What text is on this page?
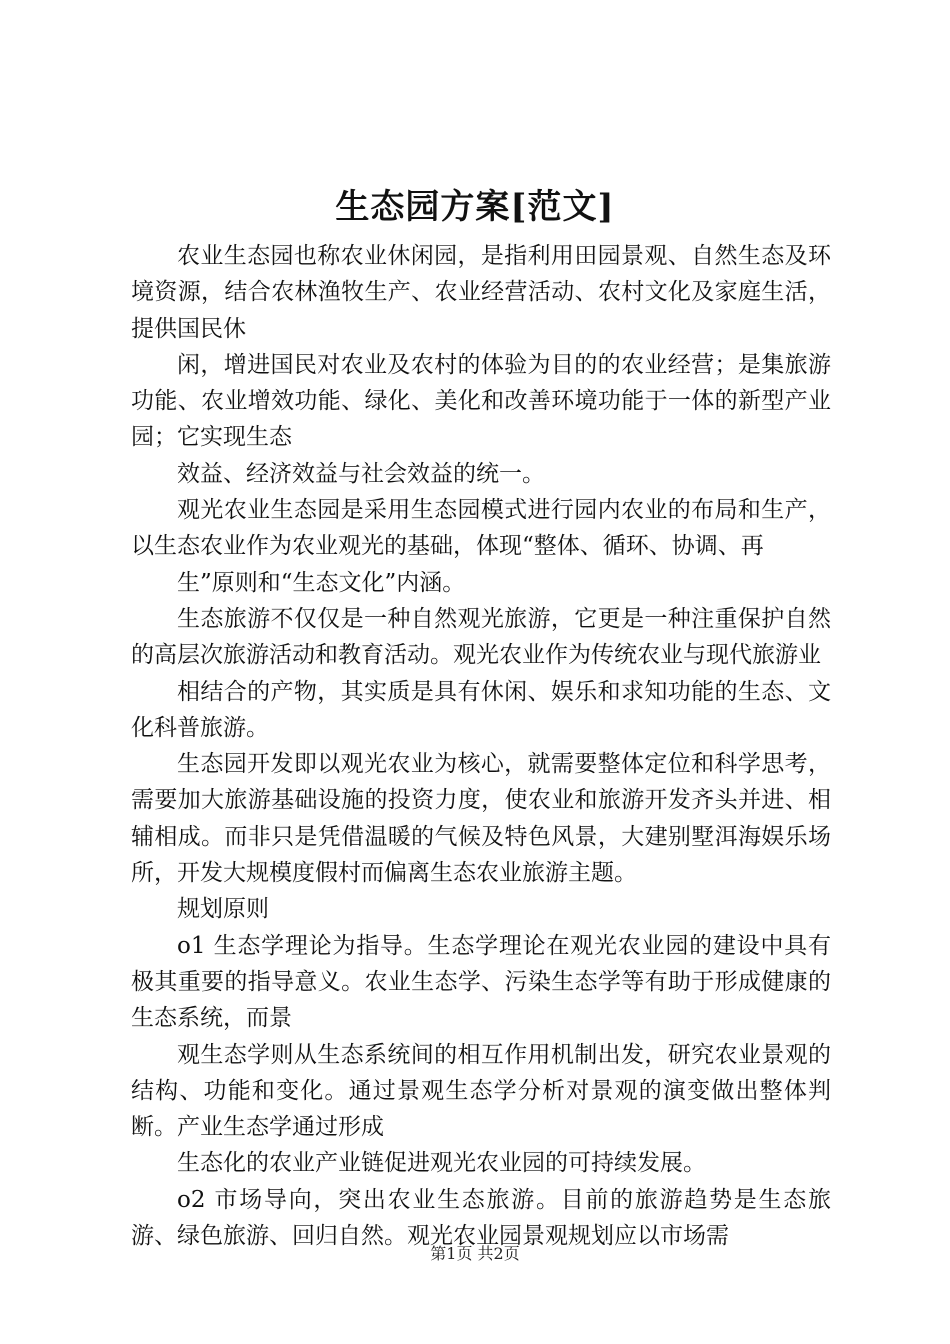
生态园方案[范文]

农业生态园也称农业休闲园，是指利用田园景观、自然生态及环境资源，结合农林渔牧生产、农业经营活动、农村文化及家庭生活，提供国民休

闲，增进国民对农业及农村的体验为目的的农业经营；是集旅游功能、农业增效功能、绿化、美化和改善环境功能于一体的新型产业园；它实现生态

效益、经济效益与社会效益的统一。

观光农业生态园是采用生态园模式进行园内农业的布局和生产，以生态农业作为农业观光的基础，体现“整体、循环、协调、再

生”原则和“生态文化”内涵。

生态旅游不仅仅是一种自然观光旅游，它更是一种注重保护自然的高层次旅游活动和教育活动。观光农业作为传统农业与现代旅游业

相结合的产物，其实质是具有休闲、娱乐和求知功能的生态、文化科普旅游。

生态园开发即以观光农业为核心，就需要整体定位和科学思考，需要加大旅游基础设施的投资力度，使农业和旅游开发齐头并进、相辅相成。而非只是凭借温暖的气候及特色风景，大建别墅洱海娱乐场所，开发大规模度假村而偏离生态农业旅游主题。

规划原则

o1 生态学理论为指导。生态学理论在观光农业园的建设中具有极其重要的指导意义。农业生态学、污染生态学等有助于形成健康的生态系统，而景

观生态学则从生态系统间的相互作用机制出发，研究农业景观的结构、功能和变化。通过景观生态学分析对景观的演变做出整体判断。产业生态学通过形成

生态化的农业产业链促进观光农业园的可持续发展。

o2 市场导向，突出农业生态旅游。目前的旅游趋势是生态旅游、绿色旅游、回归自然。观光农业园景观规划应以市场需

第1页 共2页
